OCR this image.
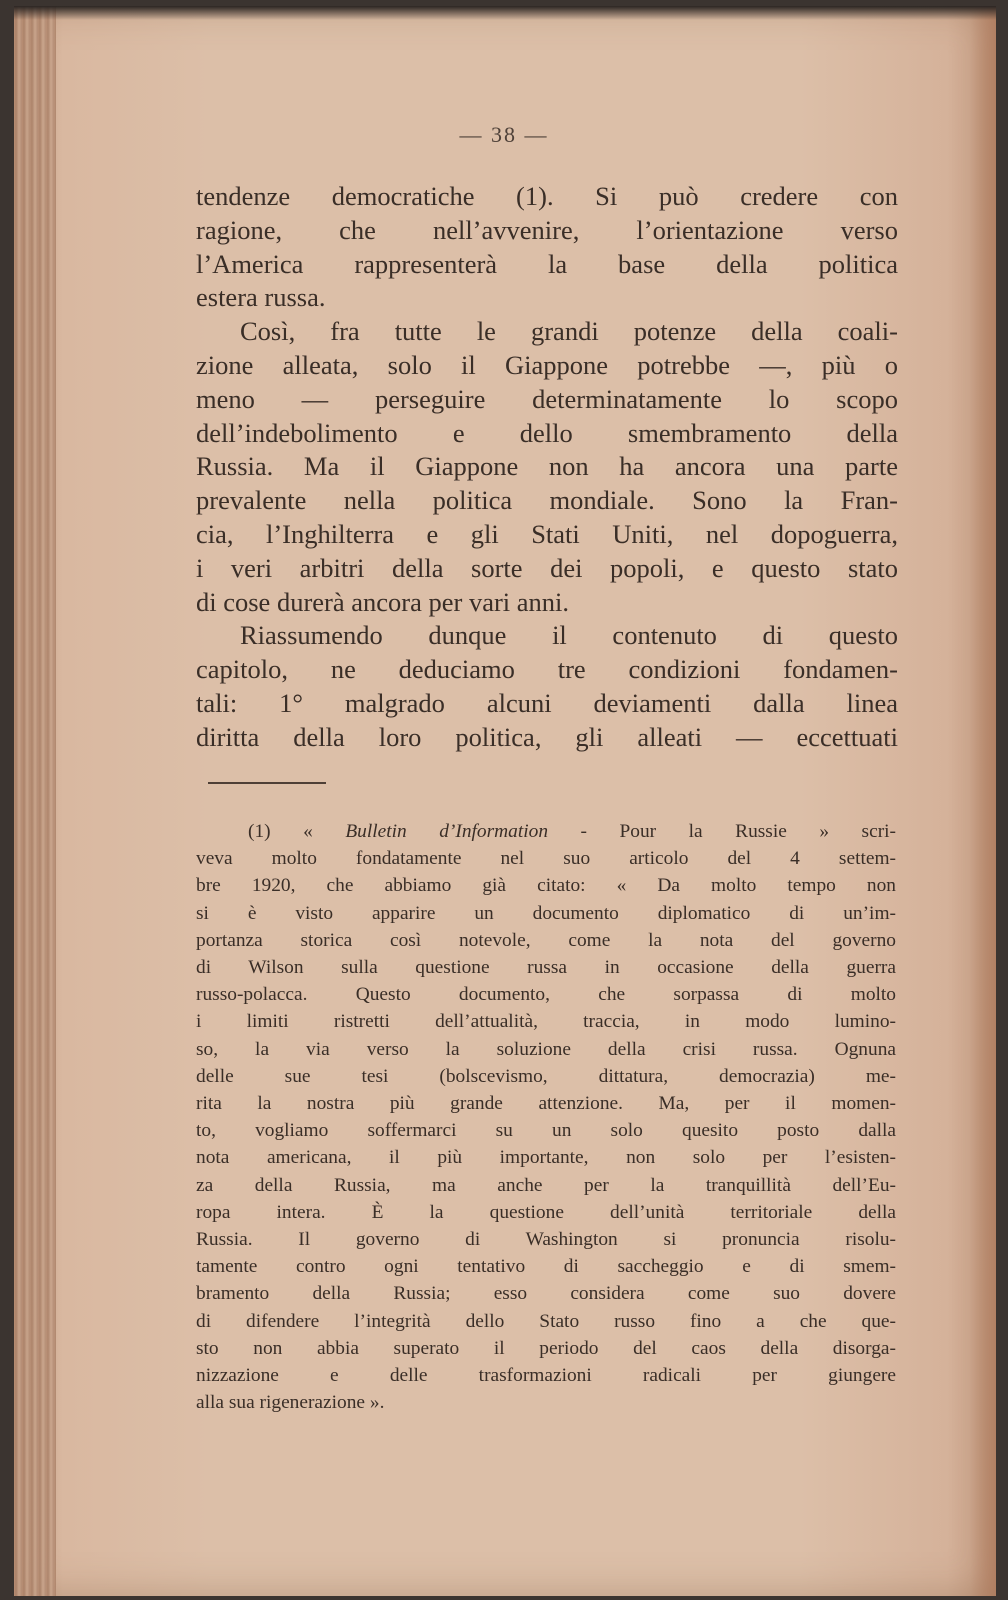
— 38 —
tendenze democratiche (1). Si può credere con
ragione, che nell’avvenire, l’orientazione verso
l’America rappresenterà la base della politica
estera russa.
Così, fra tutte le grandi potenze della coali-
zione alleata, solo il Giappone potrebbe —, più o
meno — perseguire determinatamente lo scopo
dell’indebolimento e dello smembramento della
Russia. Ma il Giappone non ha ancora una parte
prevalente nella politica mondiale. Sono la Fran-
cia, l’Inghilterra e gli Stati Uniti, nel dopoguerra,
i veri arbitri della sorte dei popoli, e questo stato
di cose durerà ancora per vari anni.
Riassumendo dunque il contenuto di questo
capitolo, ne deduciamo tre condizioni fondamen-
tali: 1° malgrado alcuni deviamenti dalla linea
diritta della loro politica, gli alleati — eccettuati
(1) « Bulletin d’Information - Pour la Russie » scri-
veva molto fondatamente nel suo articolo del 4 settem-
bre 1920, che abbiamo già citato: « Da molto tempo non
si è visto apparire un documento diplomatico di un’im-
portanza storica così notevole, come la nota del governo
di Wilson sulla questione russa in occasione della guerra
russo-polacca. Questo documento, che sorpassa di molto
i limiti ristretti dell’attualità, traccia, in modo lumino-
so, la via verso la soluzione della crisi russa. Ognuna
delle sue tesi (bolscevismo, dittatura, democrazia) me-
rita la nostra più grande attenzione. Ma, per il momen-
to, vogliamo soffermarci su un solo quesito posto dalla
nota americana, il più importante, non solo per l’esisten-
za della Russia, ma anche per la tranquillità dell’Eu-
ropa intera. È la questione dell’unità territoriale della
Russia. Il governo di Washington si pronuncia risolu-
tamente contro ogni tentativo di saccheggio e di smem-
bramento della Russia; esso considera come suo dovere
di difendere l’integrità dello Stato russo fino a che que-
sto non abbia superato il periodo del caos della disorga-
nizzazione e delle trasformazioni radicali per giungere
alla sua rigenerazione ».
